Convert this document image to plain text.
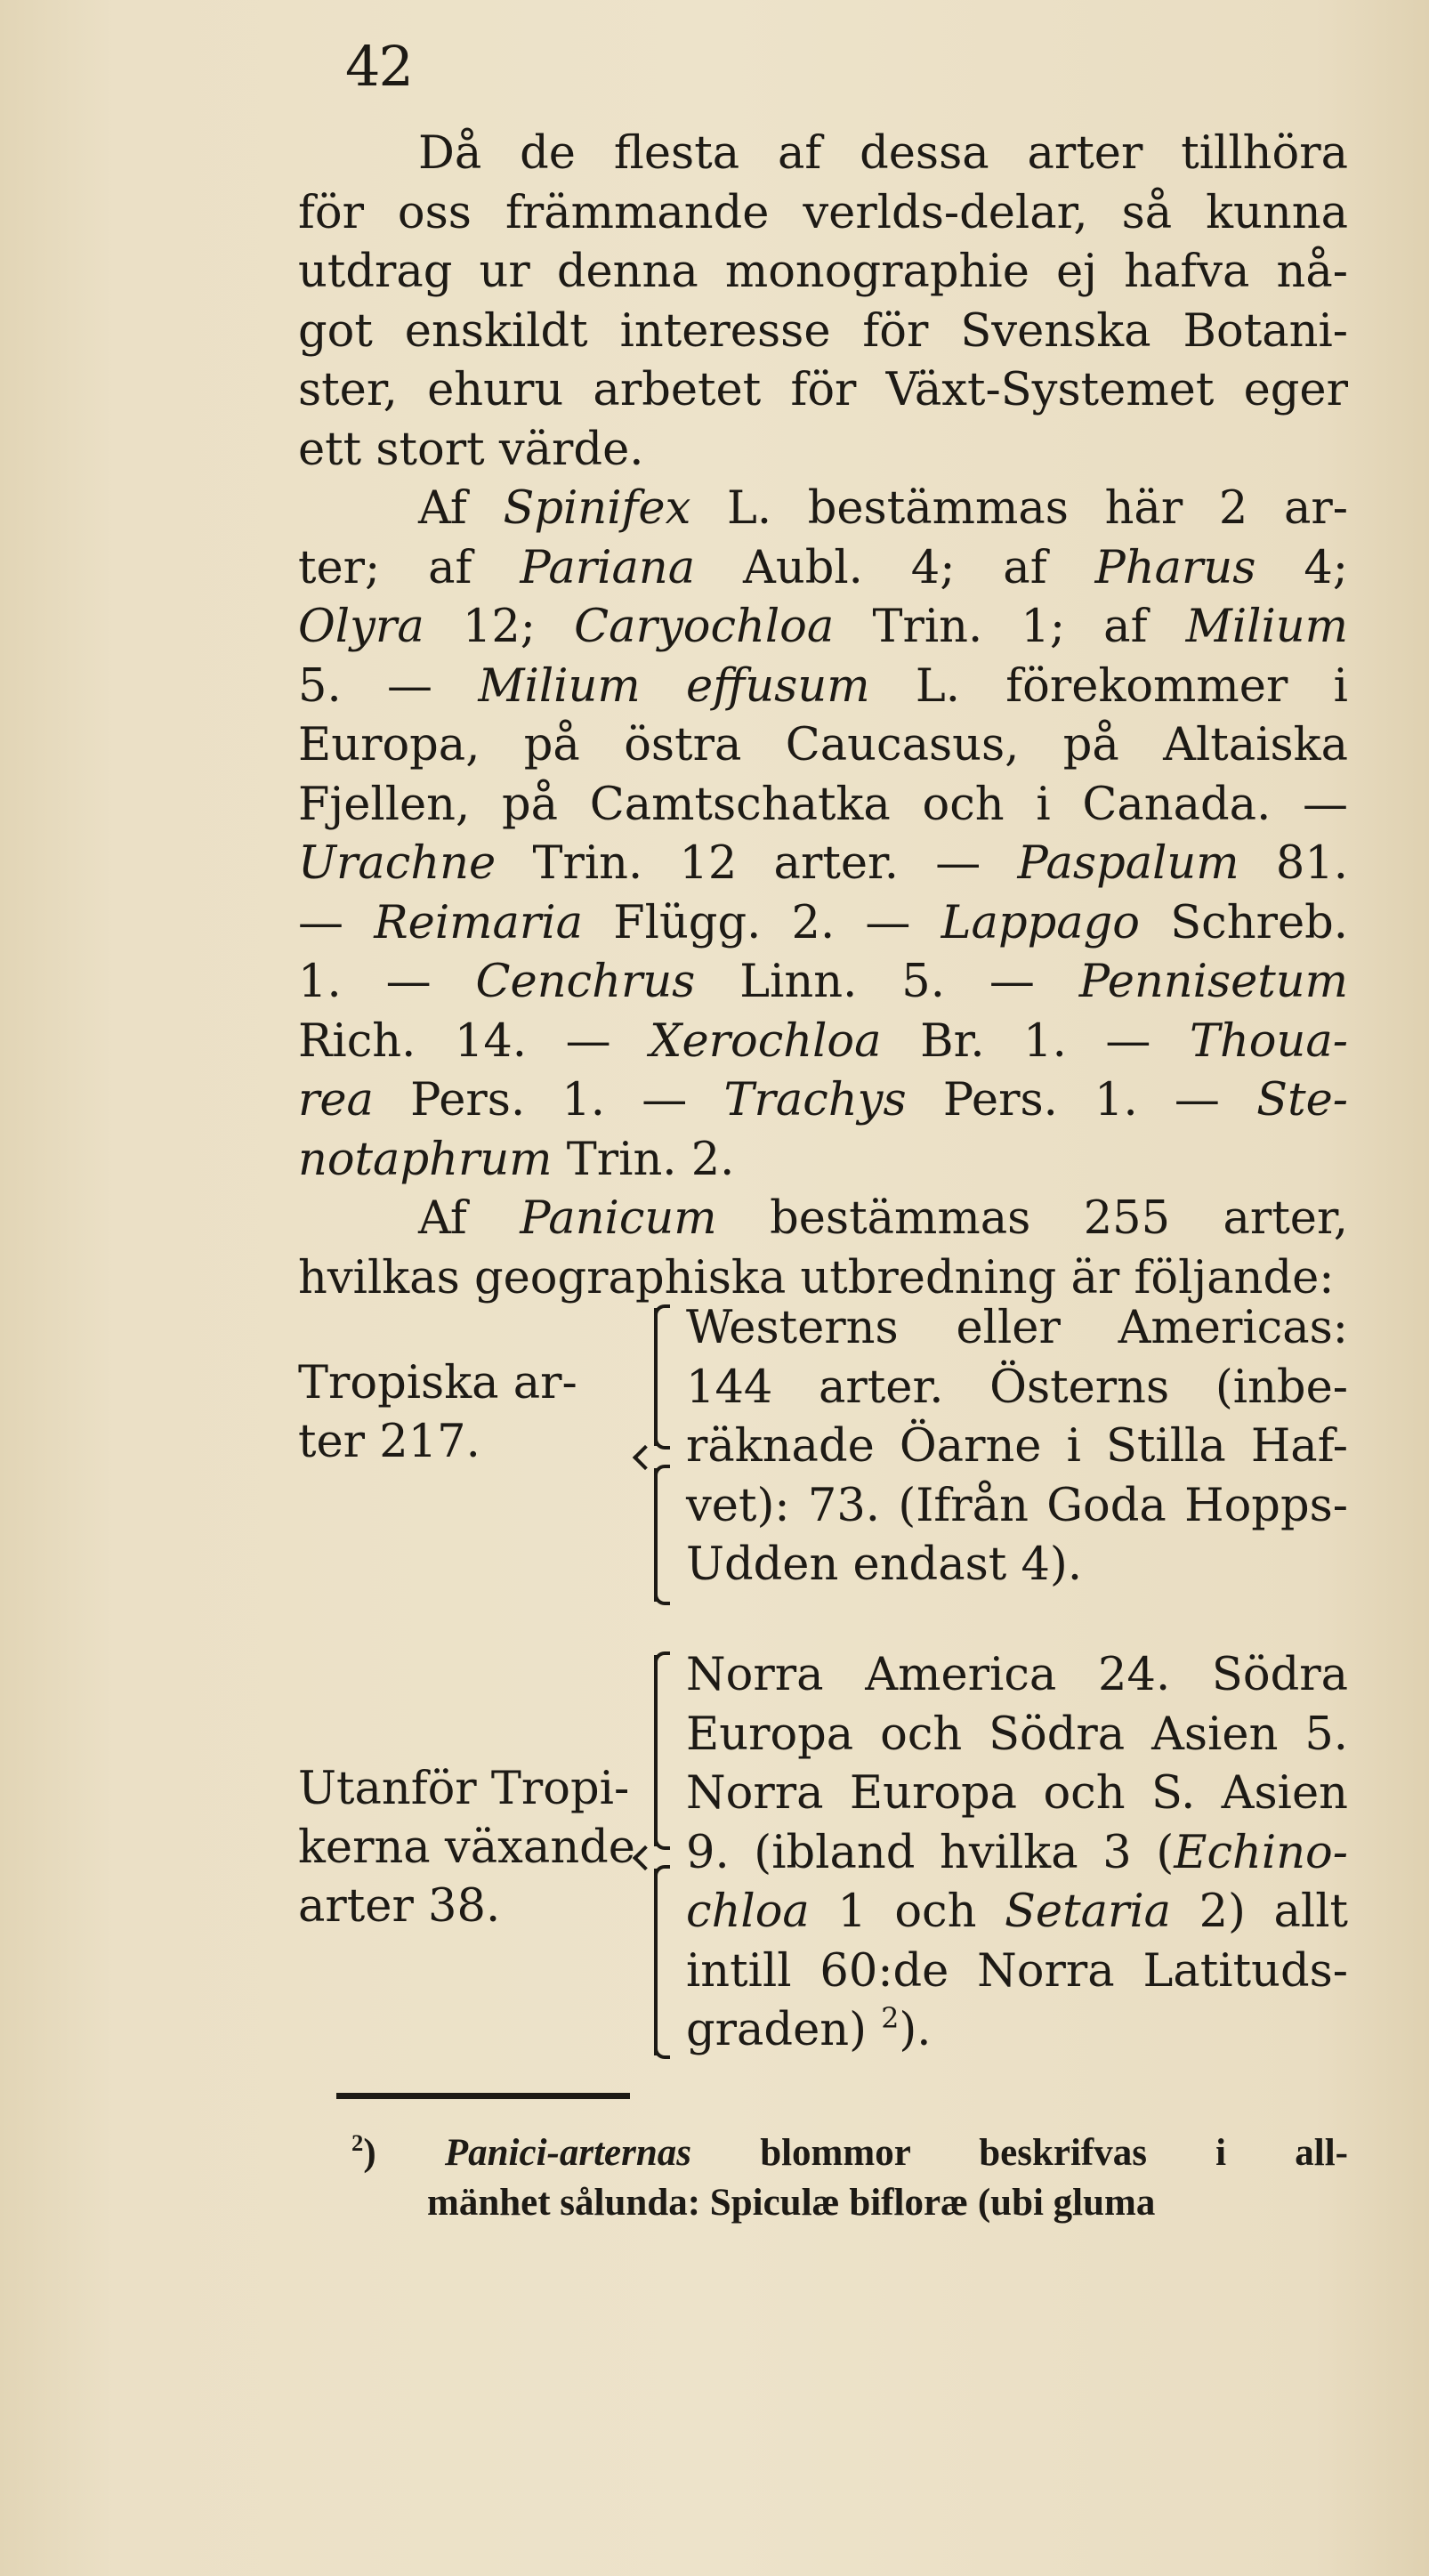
42
Då de flesta af dessa arter tillhöra
för oss främmande verlds-delar, så kunna
utdrag ur denna monographie ej hafva nå-
got enskildt interesse för Svenska Botani-
ster, ehuru arbetet för Växt-Systemet eger
ett stort värde.
Af Spinifex L. bestämmas här 2 ar-
ter; af Pariana Aubl. 4; af Pharus 4;
Olyra 12; Caryochloa Trin. 1; af Milium
5. — Milium effusum L. förekommer i
Europa, på östra Caucasus, på Altaiska
Fjellen, på Camtschatka och i Canada. —
Urachne Trin. 12 arter. — Paspalum 81.
— Reimaria Flügg. 2. — Lappago Schreb.
1. — Cenchrus Linn. 5. — Pennisetum
Rich. 14. — Xerochloa Br. 1. — Thoua-
rea Pers. 1. — Trachys Pers. 1. — Ste-
notaphrum Trin. 2.
Af Panicum bestämmas 255 arter,
hvilkas geographiska utbredning är följande:
Tropiska ar-
ter 217.
Westerns eller Americas:
144 arter. Österns (inbe-
räknade Öarne i Stilla Haf-
vet): 73. (Ifrån Goda Hopps-
Udden endast 4).
Utanför Tropi-
kerna växande
arter 38.
Norra America 24. Södra
Europa och Södra Asien 5.
Norra Europa och S. Asien
9. (ibland hvilka 3 (Echino-
chloa 1 och Setaria 2) allt
intill 60:de Norra Latituds-
graden) $^2$).
$^2$) Panici-arternas blommor beskrifvas i all-
mänhet sålunda: Spiculæ bifloræ (ubi gluma
